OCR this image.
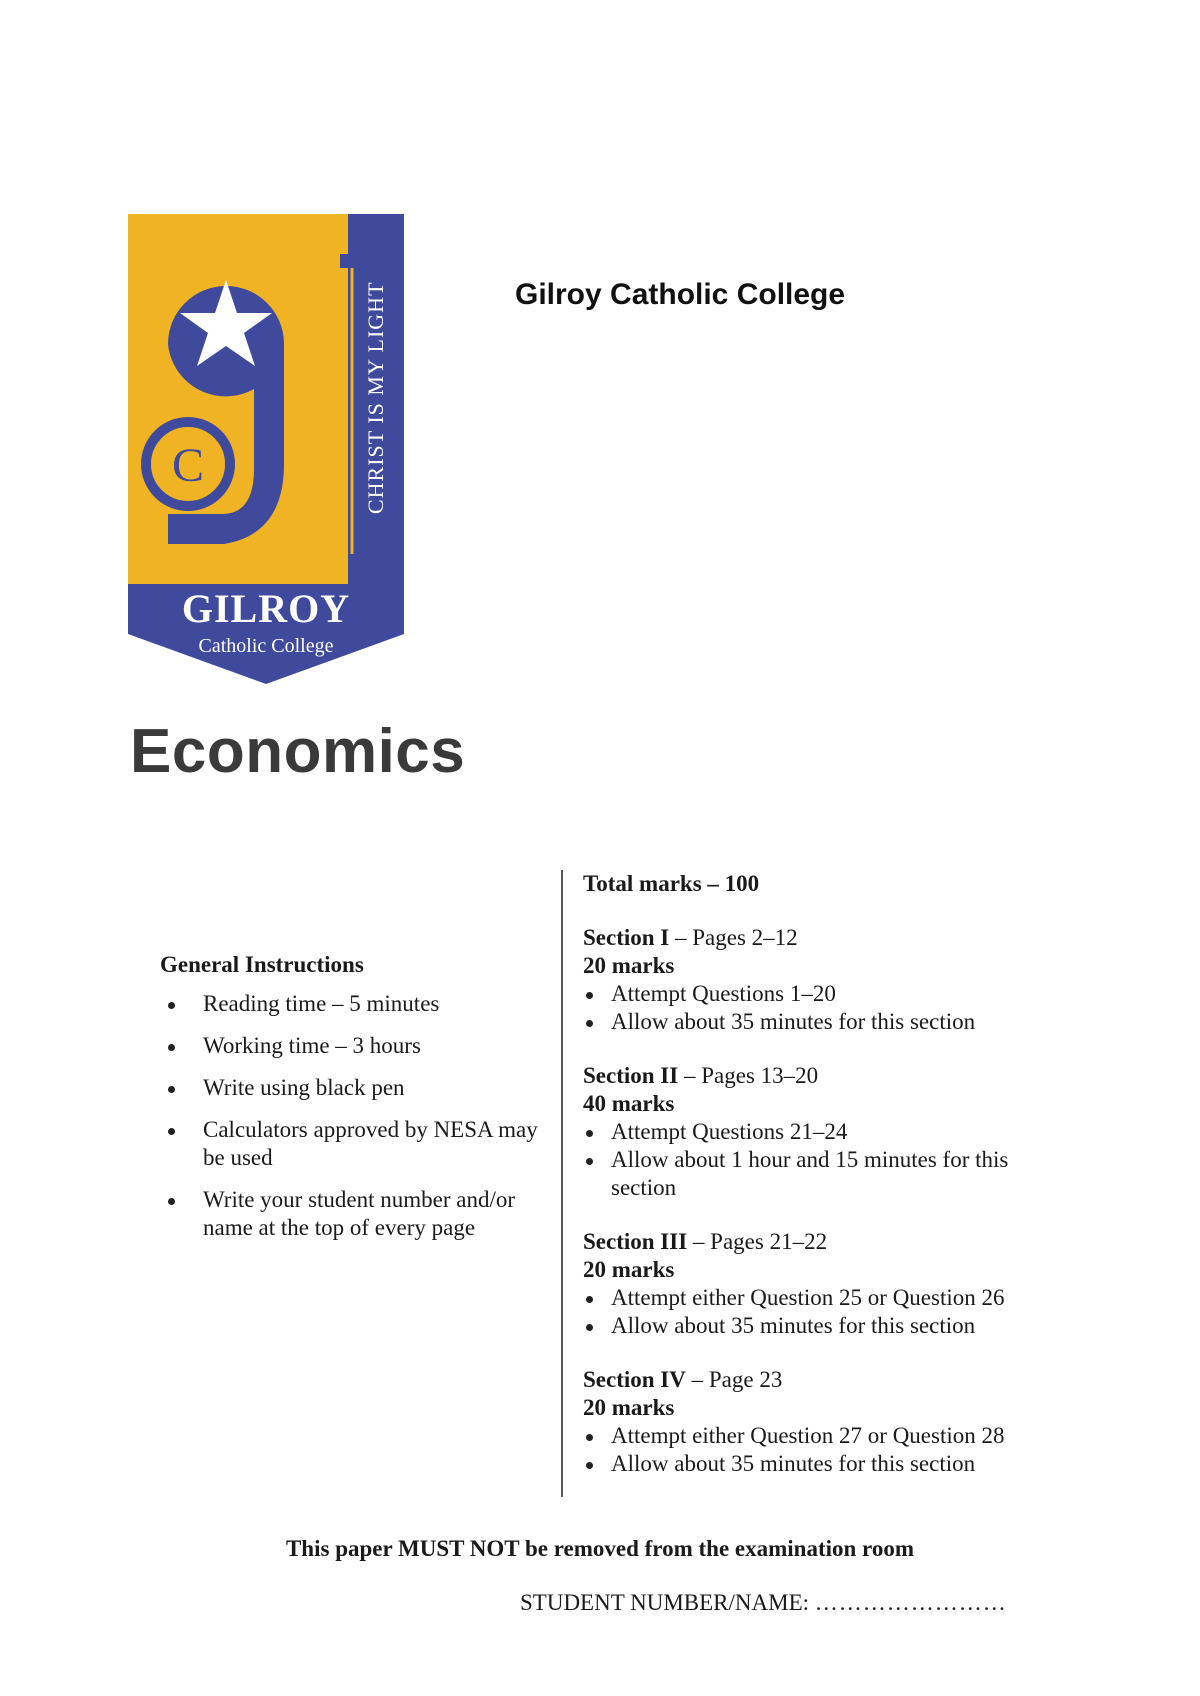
C	CHRIST IS MY LIGHT
GILROY
Catholic College
Gilroy Catholic College
Economics
General Instructions
Reading time – 5 minutes
Working time – 3 hours
Write using black pen
Calculators approved by NESA may be used
Write your student number and/or name at the top of every page
Total marks – 100
Section I – Pages 2–12
20 marks
Attempt Questions 1–20
Allow about 35 minutes for this section
Section II – Pages 13–20
40 marks
Attempt Questions 21–24
Allow about 1 hour and 15 minutes for this section
Section III – Pages 21–22
20 marks
Attempt either Question 25 or Question 26
Allow about 35 minutes for this section
Section IV – Page 23
20 marks
Attempt either Question 27 or Question 28
Allow about 35 minutes for this section
This paper MUST NOT be removed from the examination room
STUDENT NUMBER/NAME: ……………………
